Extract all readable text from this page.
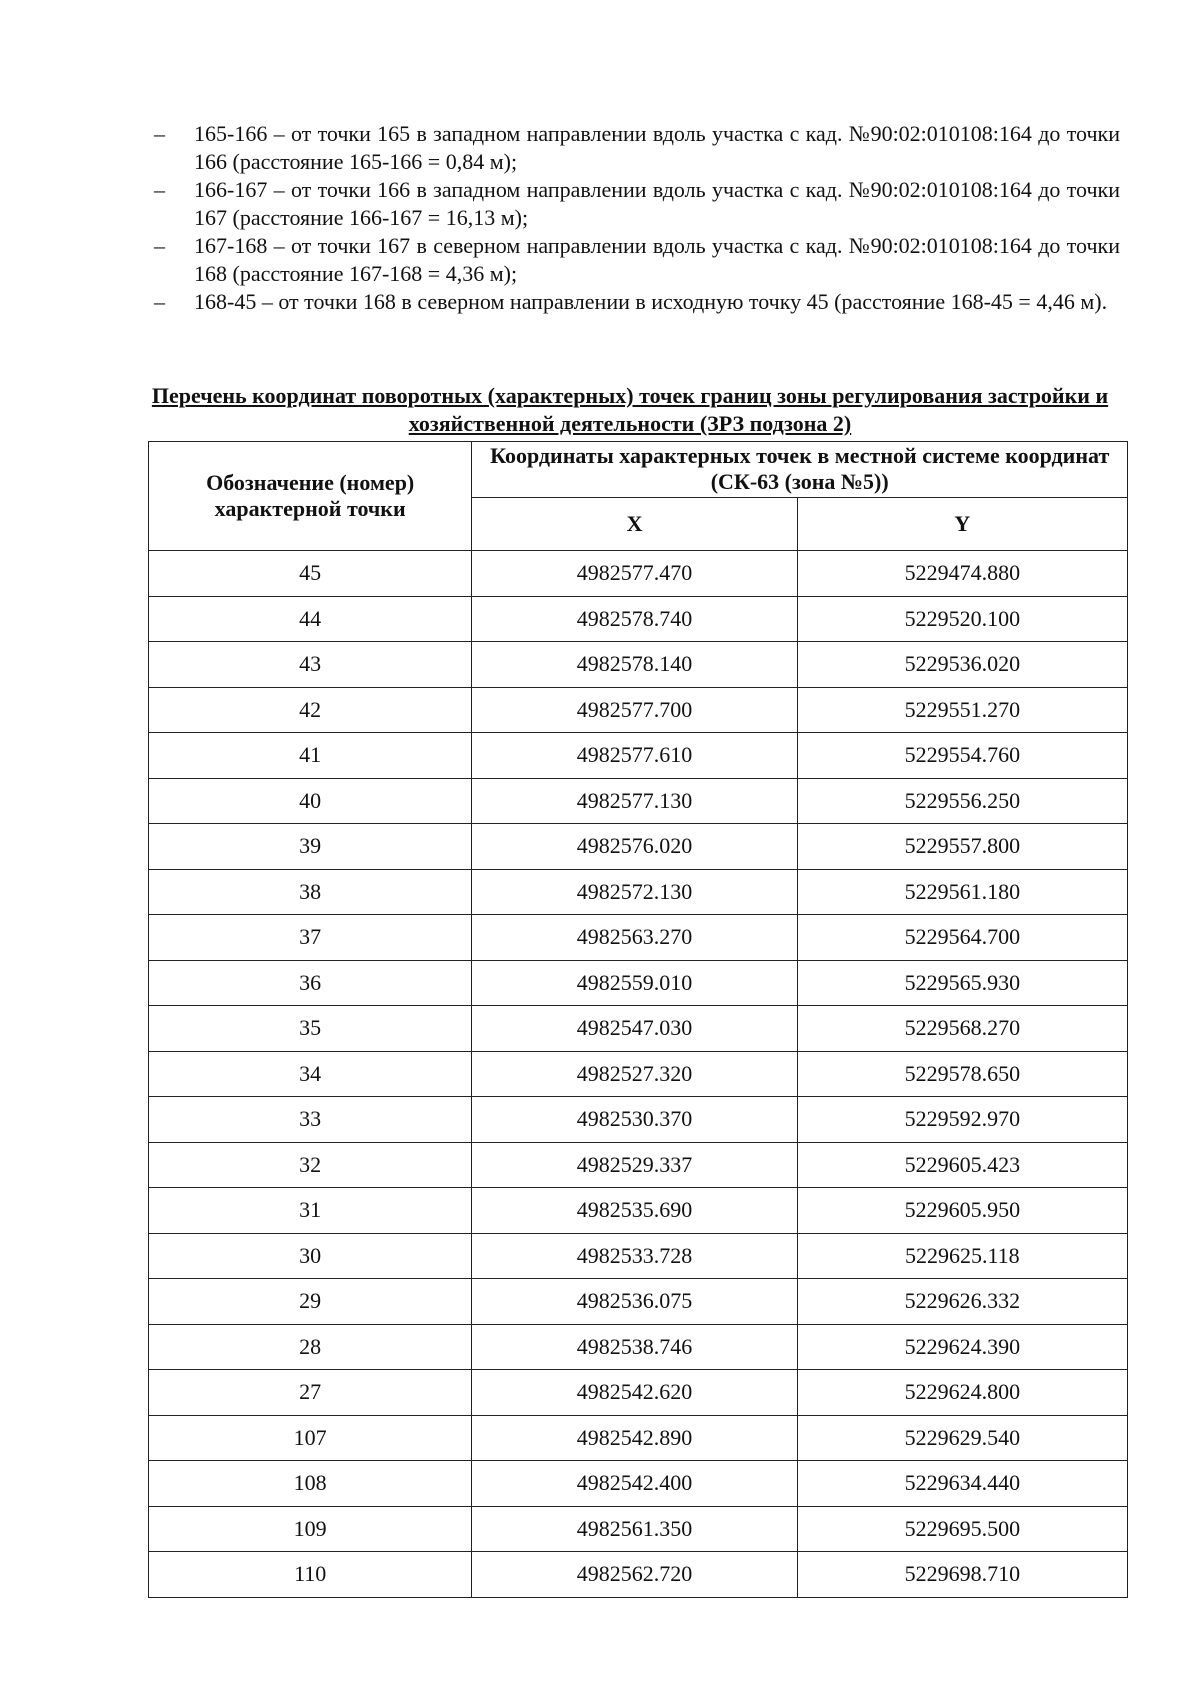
– 165-166 – от точки 165 в западном направлении вдоль участка с кад. №90:02:010108:164 до точки 166 (расстояние 165-166 = 0,84 м);
– 166-167 – от точки 166 в западном направлении вдоль участка с кад. №90:02:010108:164 до точки 167 (расстояние 166-167 = 16,13 м);
– 167-168 – от точки 167 в северном направлении вдоль участка с кад. №90:02:010108:164 до точки 168 (расстояние 167-168 = 4,36 м);
– 168-45 – от точки 168 в северном направлении в исходную точку 45 (расстояние 168-45 = 4,46 м).

Перечень координат поворотных (характерных) точек границ зоны регулирования застройки и хозяйственной деятельности (ЗРЗ подзона 2)

Обозначение (номер) характерной точки	Координаты характерных точек в местной системе координат (СК-63 (зона №5))	
	X	Y
45	4982577.470	5229474.880
44	4982578.740	5229520.100
43	4982578.140	5229536.020
42	4982577.700	5229551.270
41	4982577.610	5229554.760
40	4982577.130	5229556.250
39	4982576.020	5229557.800
38	4982572.130	5229561.180
37	4982563.270	5229564.700
36	4982559.010	5229565.930
35	4982547.030	5229568.270
34	4982527.320	5229578.650
33	4982530.370	5229592.970
32	4982529.337	5229605.423
31	4982535.690	5229605.950
30	4982533.728	5229625.118
29	4982536.075	5229626.332
28	4982538.746	5229624.390
27	4982542.620	5229624.800
107	4982542.890	5229629.540
108	4982542.400	5229634.440
109	4982561.350	5229695.500
110	4982562.720	5229698.710
